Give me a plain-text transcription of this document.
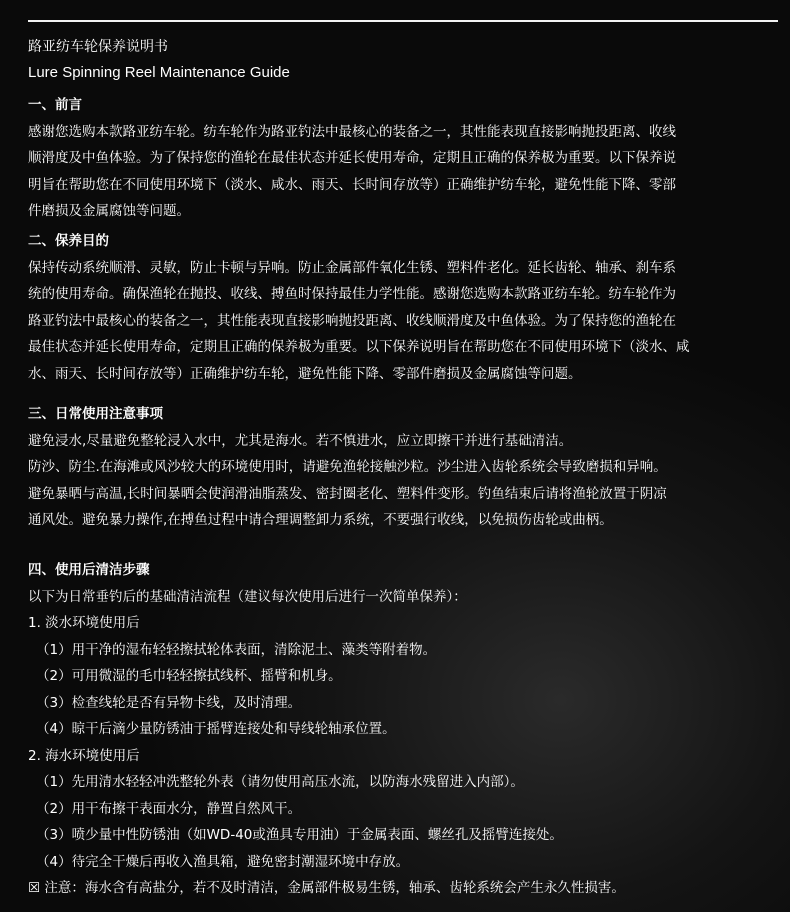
路亚纺车轮保养说明书
Lure Spinning Reel Maintenance Guide
一、前言
感谢您选购本款路亚纺车轮。纺车轮作为路亚钓法中最核心的装备之一，其性能表现直接影响抛投距离、收线
顺滑度及中鱼体验。为了保持您的渔轮在最佳状态并延长使用寿命，定期且正确的保养极为重要。以下保养说
明旨在帮助您在不同使用环境下（淡水、咸水、雨天、长时间存放等）正确维护纺车轮，避免性能下降、零部
件磨损及金属腐蚀等问题。
二、保养目的
保持传动系统顺滑、灵敏，防止卡顿与异响。防止金属部件氧化生锈、塑料件老化。延长齿轮、轴承、刹车系
统的使用寿命。确保渔轮在抛投、收线、搏鱼时保持最佳力学性能。感谢您选购本款路亚纺车轮。纺车轮作为
路亚钓法中最核心的装备之一，其性能表现直接影响抛投距离、收线顺滑度及中鱼体验。为了保持您的渔轮在
最佳状态并延长使用寿命，定期且正确的保养极为重要。以下保养说明旨在帮助您在不同使用环境下（淡水、咸
水、雨天、长时间存放等）正确维护纺车轮，避免性能下降、零部件磨损及金属腐蚀等问题。
三、日常使用注意事项
避免浸水,尽量避免整轮浸入水中，尤其是海水。若不慎进水，应立即擦干并进行基础清洁。
防沙、防尘.在海滩或风沙较大的环境使用时，请避免渔轮接触沙粒。沙尘进入齿轮系统会导致磨损和异响。
避免暴晒与高温,长时间暴晒会使润滑油脂蒸发、密封圈老化、塑料件变形。钓鱼结束后请将渔轮放置于阴凉
通风处。避免暴力操作,在搏鱼过程中请合理调整卸力系统，不要强行收线，以免损伤齿轮或曲柄。
四、使用后清洁步骤
以下为日常垂钓后的基础清洁流程（建议每次使用后进行一次简单保养）：
1. 淡水环境使用后
（1）用干净的湿布轻轻擦拭轮体表面，清除泥土、藻类等附着物。
（2）可用微湿的毛巾轻轻擦拭线杯、摇臂和机身。
（3）检查线轮是否有异物卡线，及时清理。
（4）晾干后滴少量防锈油于摇臂连接处和导线轮轴承位置。
2. 海水环境使用后
（1）先用清水轻轻冲洗整轮外表（请勿使用高压水流，以防海水残留进入内部）。
（2）用干布擦干表面水分，静置自然风干。
（3）喷少量中性防锈油（如WD-40或渔具专用油）于金属表面、螺丝孔及摇臂连接处。
（4）待完全干燥后再收入渔具箱，避免密封潮湿环境中存放。
☒ 注意：海水含有高盐分，若不及时清洁，金属部件极易生锈，轴承、齿轮系统会产生永久性损害。
